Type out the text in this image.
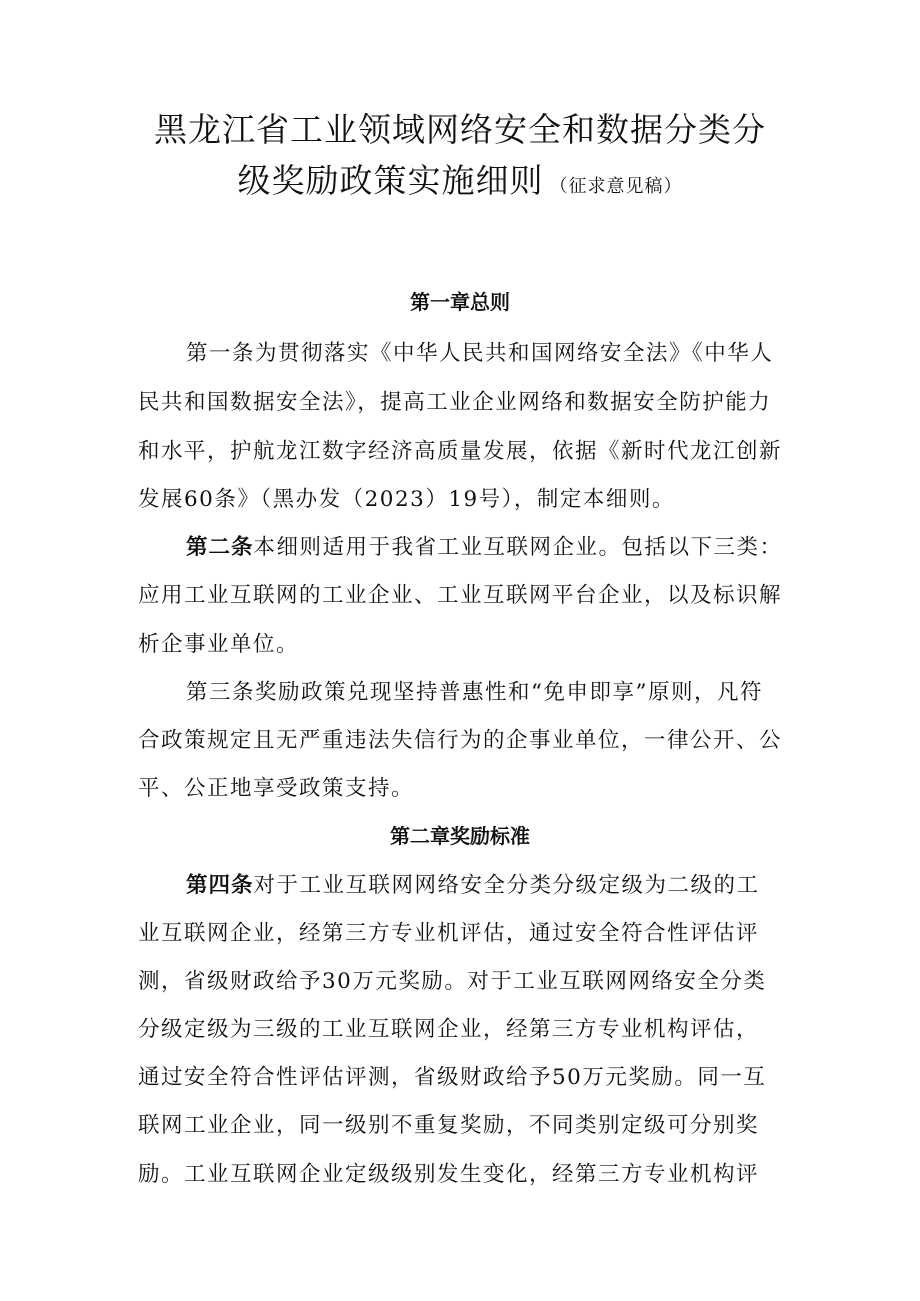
黑龙江省工业领域网络安全和数据分类分
级奖励政策实施细则 （征求意见稿）
第一章总则
第一条为贯彻落实《中华人民共和国网络安全法》《中华人
民共和国数据安全法》，提高工业企业网络和数据安全防护能力
和水平，护航龙江数字经济高质量发展，依据《新时代龙江创新
发展60条》（黑办发（2023）19号），制定本细则。
第二条本细则适用于我省工业互联网企业。包括以下三类：
应用工业互联网的工业企业、工业互联网平台企业，以及标识解
析企事业单位。
第三条奖励政策兑现坚持普惠性和“免申即享”原则，凡符
合政策规定且无严重违法失信行为的企事业单位，一律公开、公
平、公正地享受政策支持。
第二章奖励标准
第四条对于工业互联网网络安全分类分级定级为二级的工
业互联网企业，经第三方专业机评估，通过安全符合性评估评
测，省级财政给予30万元奖励。对于工业互联网网络安全分类
分级定级为三级的工业互联网企业，经第三方专业机构评估，
通过安全符合性评估评测，省级财政给予50万元奖励。同一互
联网工业企业，同一级别不重复奖励，不同类别定级可分别奖
励。工业互联网企业定级级别发生变化，经第三方专业机构评
